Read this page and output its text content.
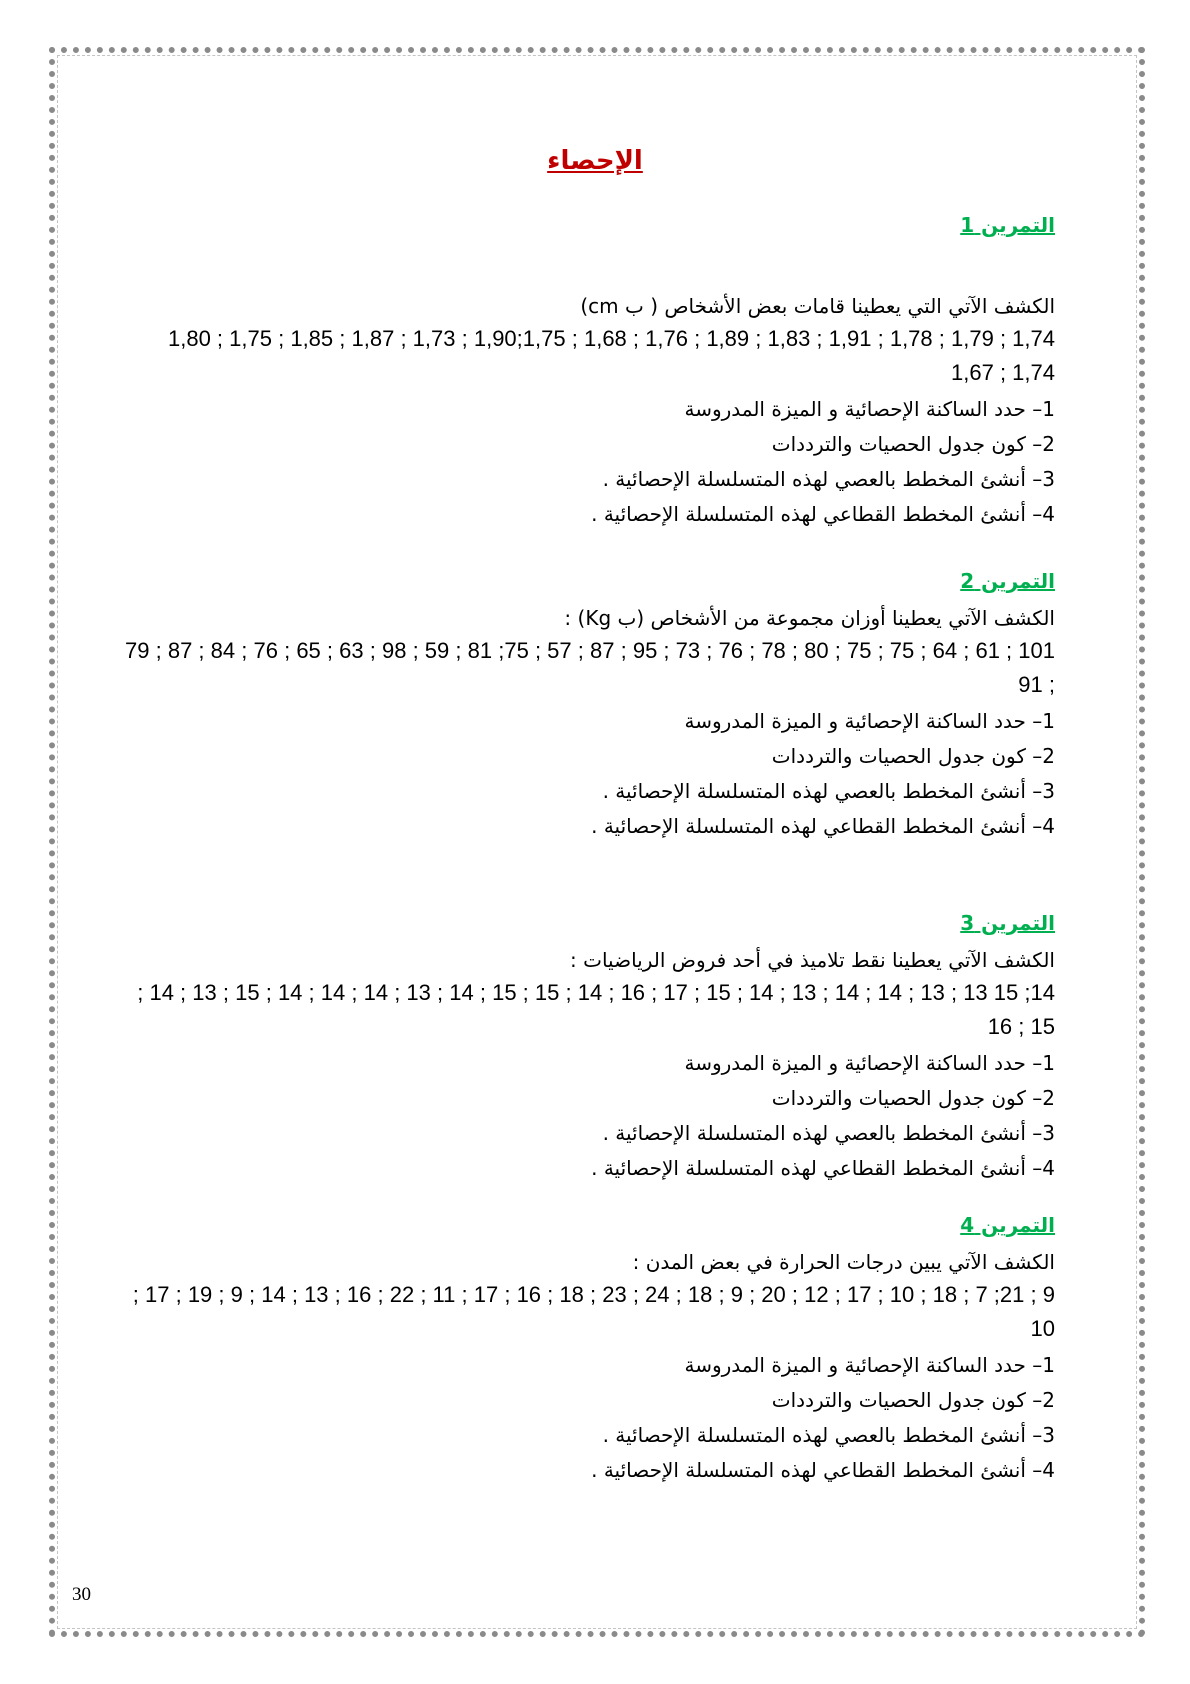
الإحصاء
التمرين 1

الكشف الآتي التي يعطينا قامات بعض الأشخاص ( ب cm)

1,74 ; 1,79 ; 1,78 ; 1,91 ; 1,83 ; 1,89 ; 1,76 ; 1,68 ; 1,75;1,90 ; 1,73 ; 1,87 ; 1,85 ; 1,75 ; 1,80 1,74 ; 1,67

1– حدد الساكنة الإحصائية و الميزة المدروسة
2– كون جدول الحصيات والترددات
3– أنشئ المخطط بالعصي لهذه المتسلسلة الإحصائية .
4– أنشئ المخطط القطاعي لهذه المتسلسلة الإحصائية .
التمرين 2

الكشف الآتي يعطينا أوزان مجموعة من الأشخاص (ب Kg) :

101 ; 61 ; 64 ; 75 ; 75 ; 80 ; 78 ; 76 ; 73 ; 95 ; 87 ; 57 ; 75; 81 ; 59 ; 98 ; 63 ; 65 ; 76 ; 84 ; 87 ; 79 ; 91

1– حدد الساكنة الإحصائية و الميزة المدروسة
2– كون جدول الحصيات والترددات
3– أنشئ المخطط بالعصي لهذه المتسلسلة الإحصائية .
4– أنشئ المخطط القطاعي لهذه المتسلسلة الإحصائية .
التمرين 3

الكشف الآتي يعطينا نقط تلاميذ في أحد فروض الرياضيات :

14; 15 13 ; 13 ; 14 ; 14 ; 13 ; 14 ; 15 ; 17 ; 16 ; 14 ; 15 ; 15 ; 14 ; 13 ; 14 ; 14 ; 14 ; 15 ; 13 ; 14 ; 15 ; 16

1– حدد الساكنة الإحصائية و الميزة المدروسة
2– كون جدول الحصيات والترددات
3– أنشئ المخطط بالعصي لهذه المتسلسلة الإحصائية .
4– أنشئ المخطط القطاعي لهذه المتسلسلة الإحصائية .
التمرين 4

الكشف الآتي يبين درجات الحرارة في بعض المدن :

9 ; 21; 7 ; 18 ; 10 ; 17 ; 12 ; 20 ; 9 ; 18 ; 24 ; 23 ; 18 ; 16 ; 17 ; 11 ; 22 ; 16 ; 13 ; 14 ; 9 ; 19 ; 17 ; 10

1– حدد الساكنة الإحصائية و الميزة المدروسة
2– كون جدول الحصيات والترددات
3– أنشئ المخطط بالعصي لهذه المتسلسلة الإحصائية .
4– أنشئ المخطط القطاعي لهذه المتسلسلة الإحصائية .
30
